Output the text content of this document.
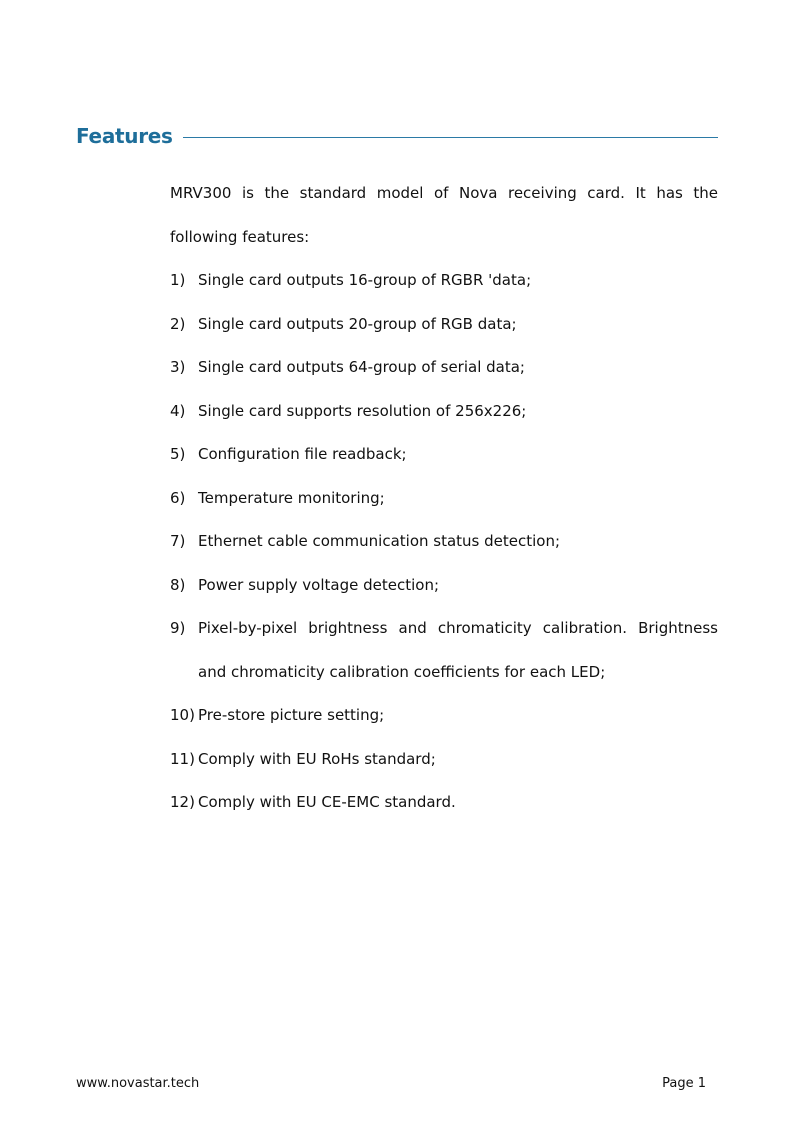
Features

MRV300 is the standard model of Nova receiving card. It has the following features:

1) Single card outputs 16-group of RGBR 'data;
2) Single card outputs 20-group of RGB data;
3) Single card outputs 64-group of serial data;
4) Single card supports resolution of 256x226;
5) Configuration file readback;
6) Temperature monitoring;
7) Ethernet cable communication status detection;
8) Power supply voltage detection;
9) Pixel-by-pixel brightness and chromaticity calibration. Brightness and chromaticity calibration coefficients for each LED;
10) Pre-store picture setting;
11) Comply with EU RoHs standard;
12) Comply with EU CE-EMC standard.
www.novastar.tech	Page 1
